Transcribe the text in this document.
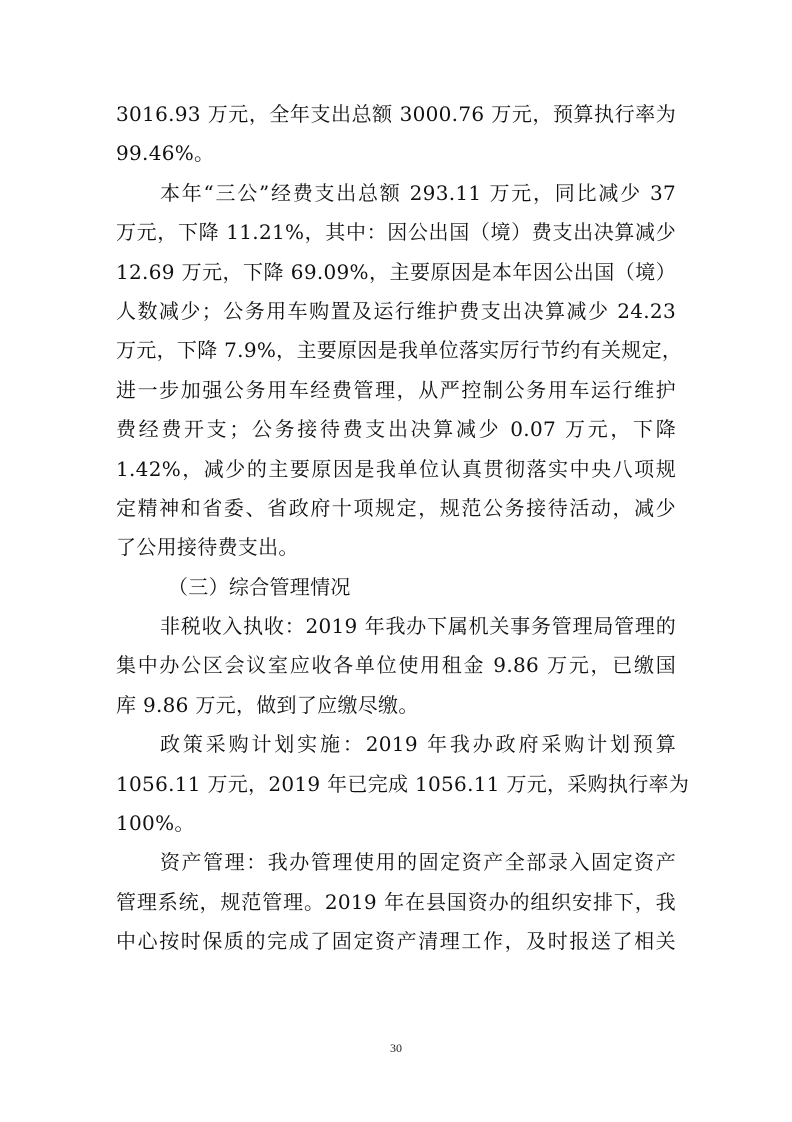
3016.93 万元，全年支出总额 3000.76 万元，预算执行率为
99.46%。
本年“三公”经费支出总额 293.11 万元，同比减少 37
万元，下降 11.21%，其中：因公出国（境）费支出决算减少
12.69 万元，下降 69.09%，主要原因是本年因公出国（境）
人数减少；公务用车购置及运行维护费支出决算减少 24.23
万元，下降 7.9%，主要原因是我单位落实厉行节约有关规定，
进一步加强公务用车经费管理，从严控制公务用车运行维护
费经费开支；公务接待费支出决算减少 0.07 万元，下降
1.42%，减少的主要原因是我单位认真贯彻落实中央八项规
定精神和省委、省政府十项规定，规范公务接待活动，减少
了公用接待费支出。
（三）综合管理情况
非税收入执收：2019 年我办下属机关事务管理局管理的
集中办公区会议室应收各单位使用租金 9.86 万元，已缴国
库 9.86 万元，做到了应缴尽缴。
政策采购计划实施：2019 年我办政府采购计划预算
1056.11 万元，2019 年已完成 1056.11 万元，采购执行率为
100%。
资产管理：我办管理使用的固定资产全部录入固定资产
管理系统，规范管理。2019 年在县国资办的组织安排下，我
中心按时保质的完成了固定资产清理工作，及时报送了相关
30
